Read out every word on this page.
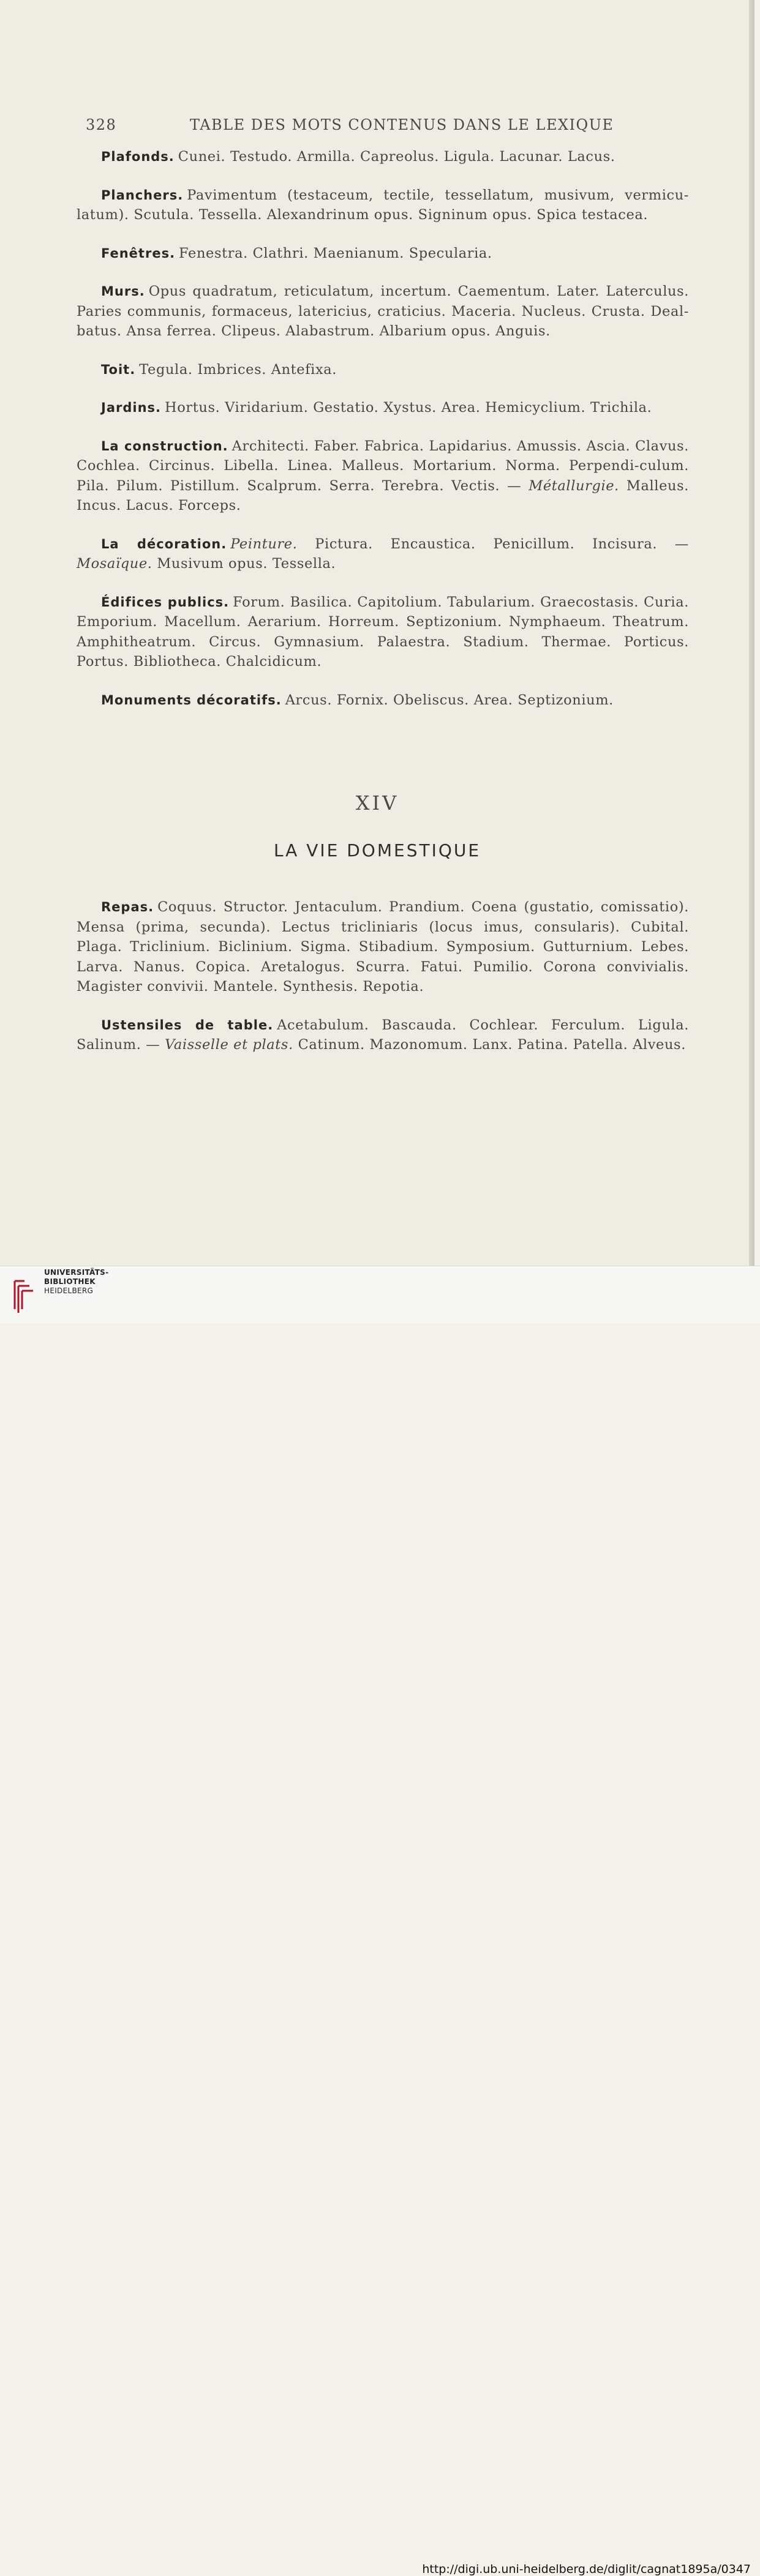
328	TABLE DES MOTS CONTENUS DANS LE LEXIQUE

Plafonds. Cunei. Testudo. Armilla. Capreolus. Ligula. Lacunar. Lacus.

Planchers. Pavimentum (testaceum, tectile, tessellatum, musivum, vermicu-latum). Scutula. Tessella. Alexandrinum opus. Signinum opus. Spica testacea.

Fenêtres. Fenestra. Clathri. Maenianum. Specularia.

Murs. Opus quadratum, reticulatum, incertum. Caementum. Later. Laterculus. Paries communis, formaceus, latericius, craticius. Maceria. Nucleus. Crusta. Deal-batus. Ansa ferrea. Clipeus. Alabastrum. Albarium opus. Anguis.

Toit. Tegula. Imbrices. Antefixa.

Jardins. Hortus. Viridarium. Gestatio. Xystus. Area. Hemicyclium. Trichila.

La construction. Architecti. Faber. Fabrica. Lapidarius. Amussis. Ascia. Clavus. Cochlea. Circinus. Libella. Linea. Malleus. Mortarium. Norma. Perpendi-culum. Pila. Pilum. Pistillum. Scalprum. Serra. Terebra. Vectis. — Métallurgie. Malleus. Incus. Lacus. Forceps.

La décoration. Peinture. Pictura. Encaustica. Penicillum. Incisura. — Mosaïque. Musivum opus. Tessella.

Édifices publics. Forum. Basilica. Capitolium. Tabularium. Graecostasis. Curia. Emporium. Macellum. Aerarium. Horreum. Septizonium. Nymphaeum. Theatrum. Amphitheatrum. Circus. Gymnasium. Palaestra. Stadium. Thermae. Porticus. Portus. Bibliotheca. Chalcidicum.

Monuments décoratifs. Arcus. Fornix. Obeliscus. Area. Septizonium.

XIV
LA VIE DOMESTIQUE

Repas. Coquus. Structor. Jentaculum. Prandium. Coena (gustatio, comissatio). Mensa (prima, secunda). Lectus tricliniaris (locus imus, consularis). Cubital. Plaga. Triclinium. Biclinium. Sigma. Stibadium. Symposium. Gutturnium. Lebes. Larva. Nanus. Copica. Aretalogus. Scurra. Fatui. Pumilio. Corona convivialis. Magister convivii. Mantele. Synthesis. Repotia.

Ustensiles de table. Acetabulum. Bascauda. Cochlear. Ferculum. Ligula. Salinum. — Vaisselle et plats. Catinum. Mazonomum. Lanx. Patina. Patella. Alveus.

http://digi.ub.uni-heidelberg.de/diglit/cagnat1895a/0347
UNIVERSITÄTS-
BIBLIOTHEK
HEIDELBERG
